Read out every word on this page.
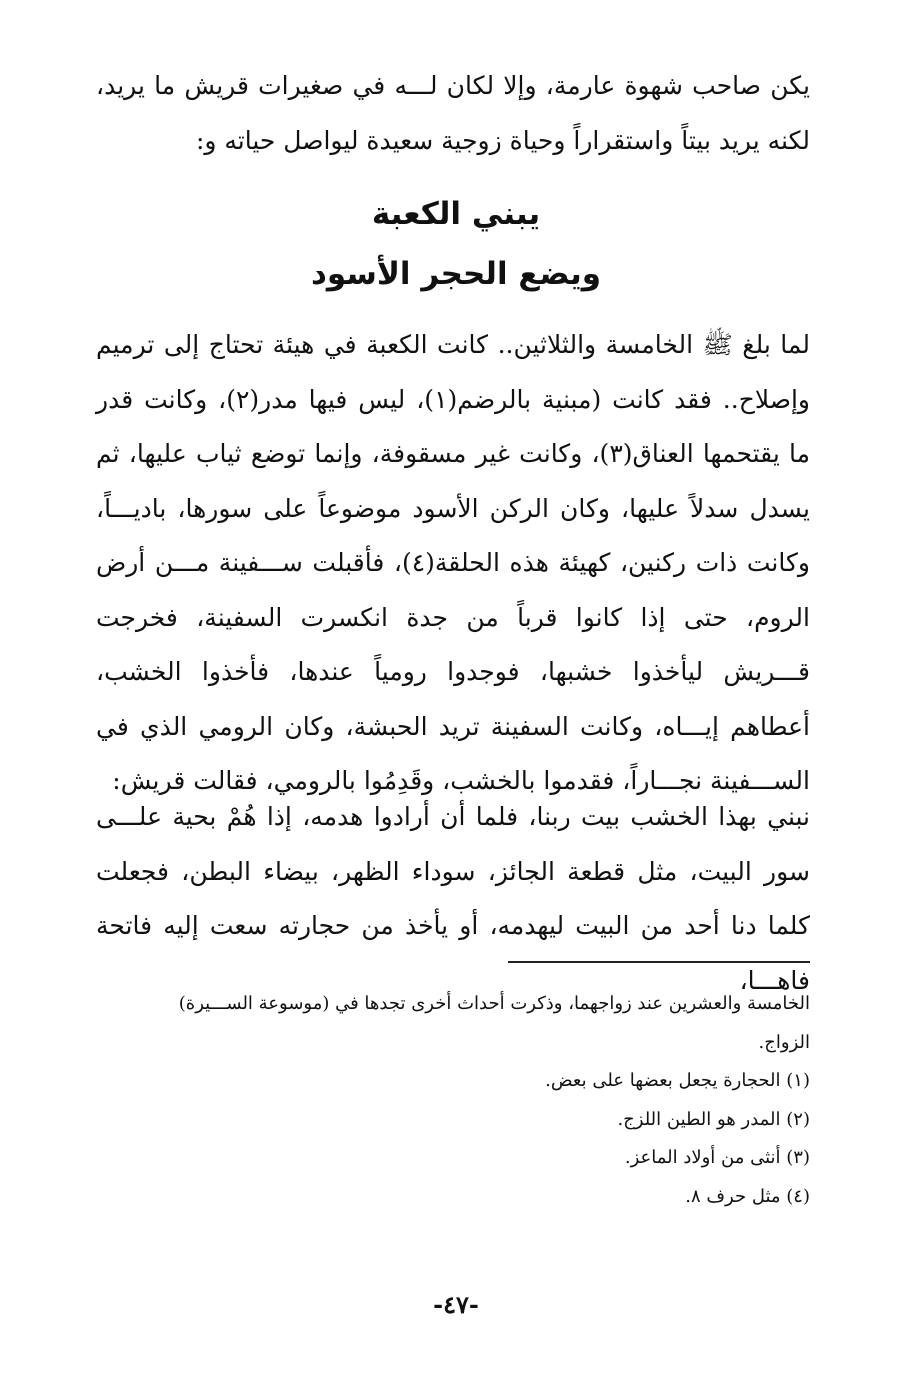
يكن صاحب شهوة عارمة، وإلا لكان لـــه في صغيرات قريش ما يريد، لكنه يريد بيتاً واستقراراً وحياة زوجية سعيدة ليواصل حياته و:

يبني الكعبة
ويضع الحجر الأسود

لما بلغ ﷺ الخامسة والثلاثين.. كانت الكعبة في هيئة تحتاج إلى ترميم وإصلاح.. فقد كانت (مبنية بالرضم(١)، ليس فيها مدر(٢)، وكانت قدر ما يقتحمها العناق(٣)، وكانت غير مسقوفة، وإنما توضع ثياب عليها، ثم يسدل سدلاً عليها، وكان الركن الأسود موضوعاً على سورها، باديـــاً، وكانت ذات ركنين، كهيئة هذه الحلقة(٤)، فأقبلت ســـفينة مـــن أرض الروم، حتى إذا كانوا قرباً من جدة انكسرت السفينة، فخرجت قـــريش ليأخذوا خشبها، فوجدوا رومياً عندها، فأخذوا الخشب، أعطاهم إيـــاه، وكانت السفينة تريد الحبشة، وكان الرومي الذي في الســـفينة نجـــاراً، فقدموا بالخشب، وقَدِمُوا بالرومي، فقالت قريش:

نبني بهذا الخشب بيت ربنا، فلما أن أرادوا هدمه، إذا هُمْ بحية علـــى سور البيت، مثل قطعة الجائز، سوداء الظهر، بيضاء البطن، فجعلت كلما دنا أحد من البيت ليهدمه، أو يأخذ من حجارته سعت إليه فاتحة فاهـــا،

الخامسة والعشرين عند زواجهما، وذكرت أحداث أخرى تجدها في (موسوعة الســـيرة)
الزواج.
(١) الحجارة يجعل بعضها على بعض.
(٢) المدر هو الطين اللزج.
(٣) أنثى من أولاد الماعز.
(٤) مثل حرف ٨.
-٤٧-
